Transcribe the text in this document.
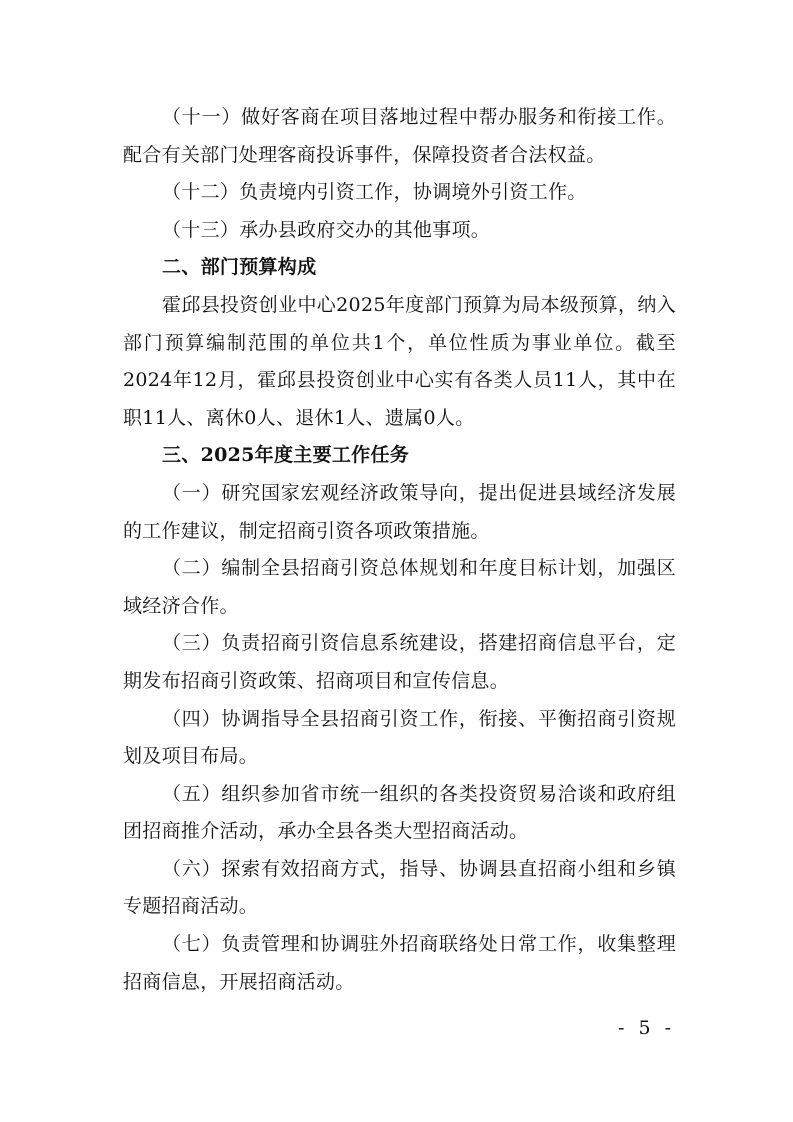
（十一）做好客商在项目落地过程中帮办服务和衔接工作。配合有关部门处理客商投诉事件，保障投资者合法权益。

（十二）负责境内引资工作，协调境外引资工作。

（十三）承办县政府交办的其他事项。

二、部门预算构成

霍邱县投资创业中心2025年度部门预算为局本级预算，纳入部门预算编制范围的单位共1个，单位性质为事业单位。截至2024年12月，霍邱县投资创业中心实有各类人员11人，其中在职11人、离休0人、退休1人、遗属0人。

三、2025年度主要工作任务

（一）研究国家宏观经济政策导向，提出促进县域经济发展的工作建议，制定招商引资各项政策措施。

（二）编制全县招商引资总体规划和年度目标计划，加强区域经济合作。

（三）负责招商引资信息系统建设，搭建招商信息平台，定期发布招商引资政策、招商项目和宣传信息。

（四）协调指导全县招商引资工作，衔接、平衡招商引资规划及项目布局。

（五）组织参加省市统一组织的各类投资贸易洽谈和政府组团招商推介活动，承办全县各类大型招商活动。

（六）探索有效招商方式，指导、协调县直招商小组和乡镇专题招商活动。

（七）负责管理和协调驻外招商联络处日常工作，收集整理招商信息，开展招商活动。

- 5 -
